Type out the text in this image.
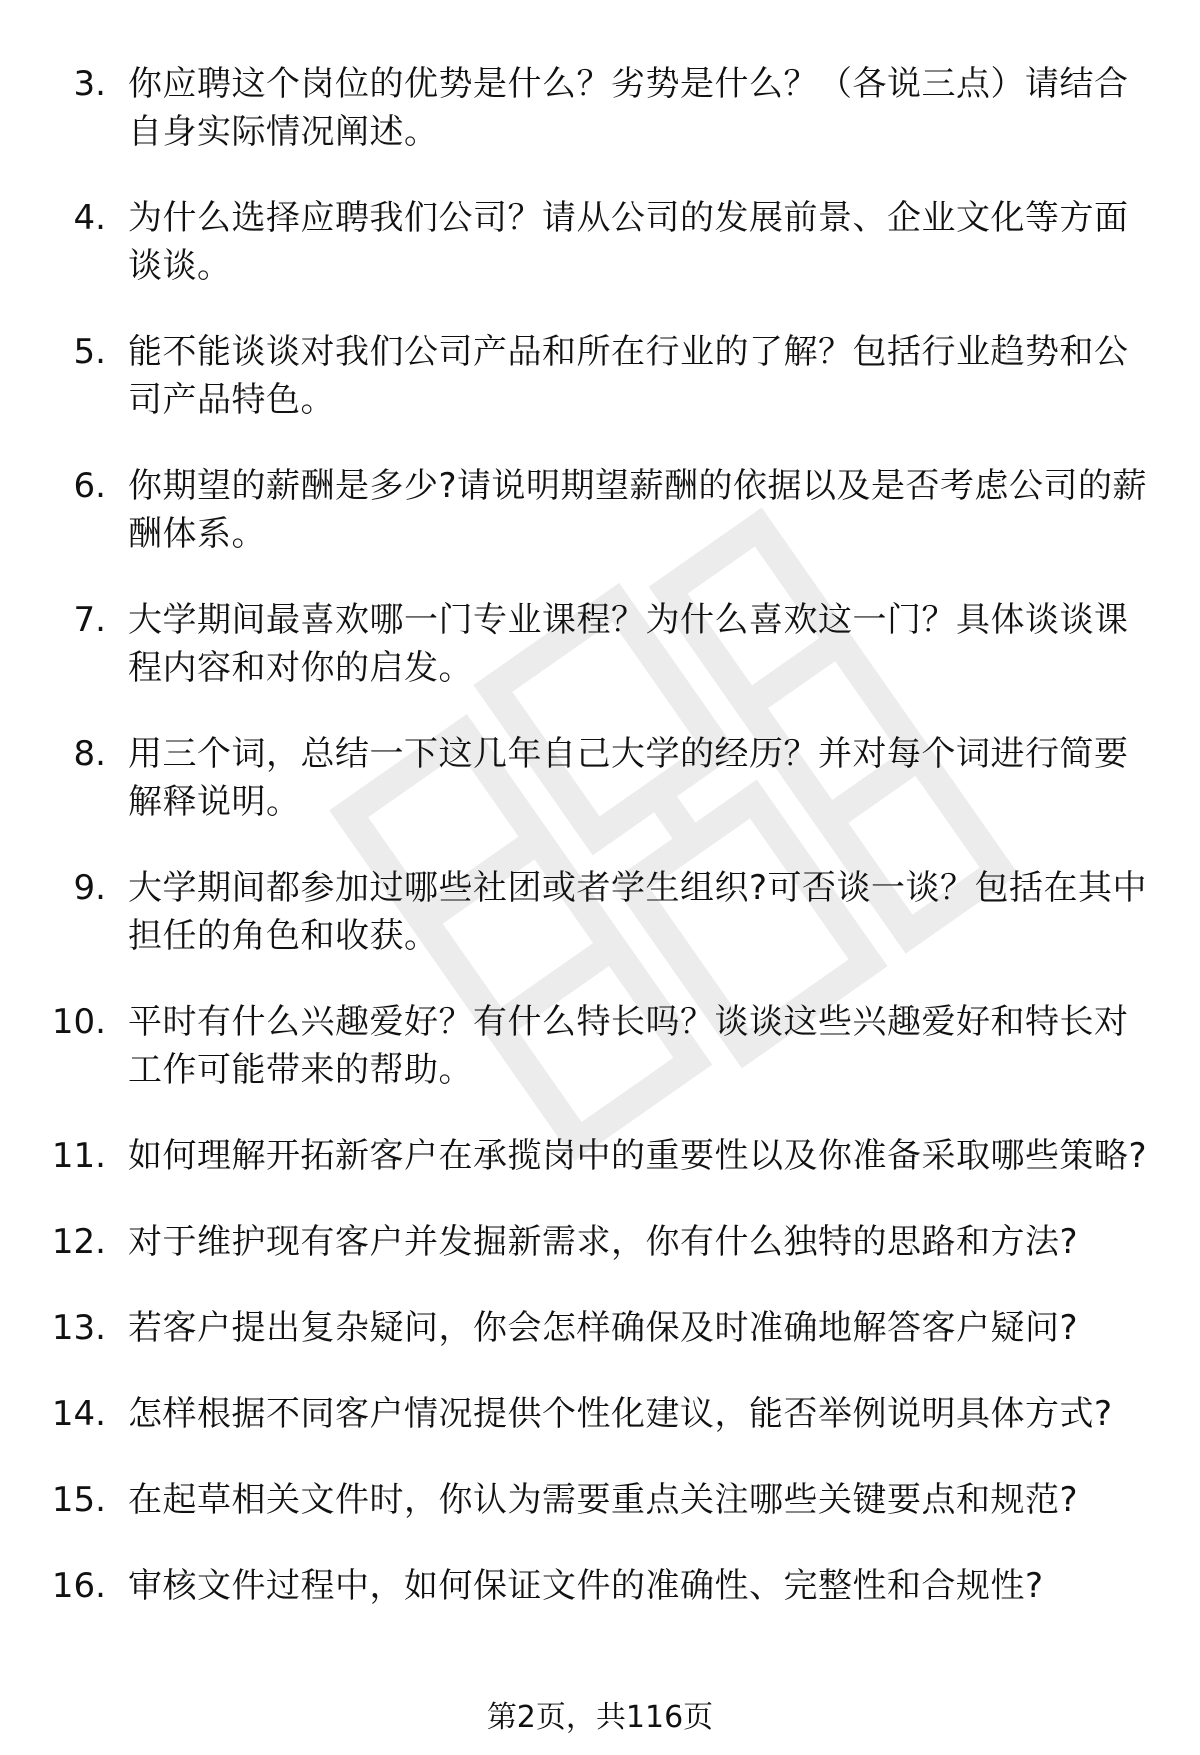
3. 你应聘这个岗位的优势是什么？劣势是什么？（各说三点）请结合自身实际情况阐述。
4. 为什么选择应聘我们公司？请从公司的发展前景、企业文化等方面谈谈。
5. 能不能谈谈对我们公司产品和所在行业的了解？包括行业趋势和公司产品特色。
6. 你期望的薪酬是多少?请说明期望薪酬的依据以及是否考虑公司的薪酬体系。
7. 大学期间最喜欢哪一门专业课程？为什么喜欢这一门？具体谈谈课程内容和对你的启发。
8. 用三个词，总结一下这几年自己大学的经历？并对每个词进行简要解释说明。
9. 大学期间都参加过哪些社团或者学生组织?可否谈一谈？包括在其中担任的角色和收获。
10. 平时有什么兴趣爱好？有什么特长吗？谈谈这些兴趣爱好和特长对工作可能带来的帮助。
11. 如何理解开拓新客户在承揽岗中的重要性以及你准备采取哪些策略?
12. 对于维护现有客户并发掘新需求，你有什么独特的思路和方法?
13. 若客户提出复杂疑问，你会怎样确保及时准确地解答客户疑问?
14. 怎样根据不同客户情况提供个性化建议，能否举例说明具体方式?
15. 在起草相关文件时，你认为需要重点关注哪些关键要点和规范?
16. 审核文件过程中，如何保证文件的准确性、完整性和合规性?
第2页，共116页
